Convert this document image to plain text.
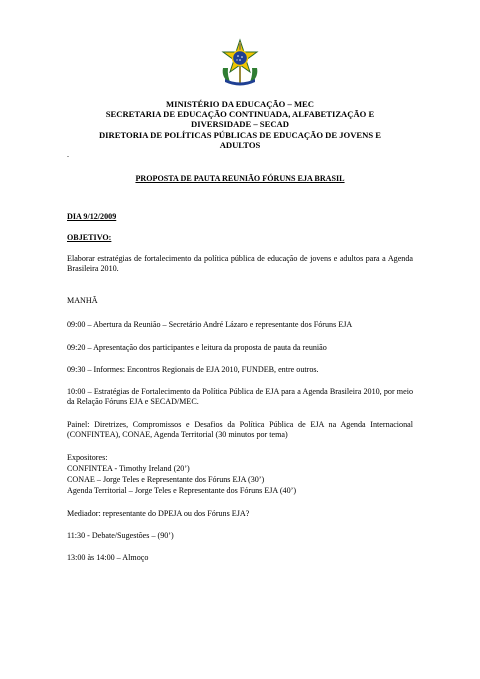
MINISTÉRIO DA EDUCAÇÃO – MEC
SECRETARIA DE EDUCAÇÃO CONTINUADA, ALFABETIZAÇÃO E
DIVERSIDADE – SECAD
DIRETORIA DE POLÍTICAS PÚBLICAS DE EDUCAÇÃO DE JOVENS E
ADULTOS
.
PROPOSTA DE PAUTA REUNIÃO FÓRUNS EJA BRASIL
DIA 9/12/2009
OBJETIVO:
Elaborar estratégias de fortalecimento da política pública de educação de jovens e adultos para a Agenda Brasileira 2010.
MANHÃ
09:00 – Abertura da Reunião – Secretário André Lázaro e representante dos Fóruns EJA
09:20 – Apresentação dos participantes e leitura da proposta de pauta da reunião
09:30 – Informes: Encontros Regionais de EJA 2010, FUNDEB, entre outros.
10:00 – Estratégias de Fortalecimento da Política Pública de EJA para a Agenda Brasileira 2010, por meio da Relação Fóruns EJA e SECAD/MEC.
Painel: Diretrizes, Compromissos e Desafios da Política Pública de EJA na Agenda Internacional (CONFINTEA), CONAE, Agenda Territorial (30 minutos por tema)
Expositores:
CONFINTEA - Timothy Ireland (20’)
CONAE – Jorge Teles e Representante dos Fóruns EJA (30’)
Agenda Territorial – Jorge Teles e Representante dos Fóruns EJA (40’)
Mediador: representante do DPEJA ou dos Fóruns EJA?
11:30 - Debate/Sugestões – (90’)
13:00 às 14:00 – Almoço
